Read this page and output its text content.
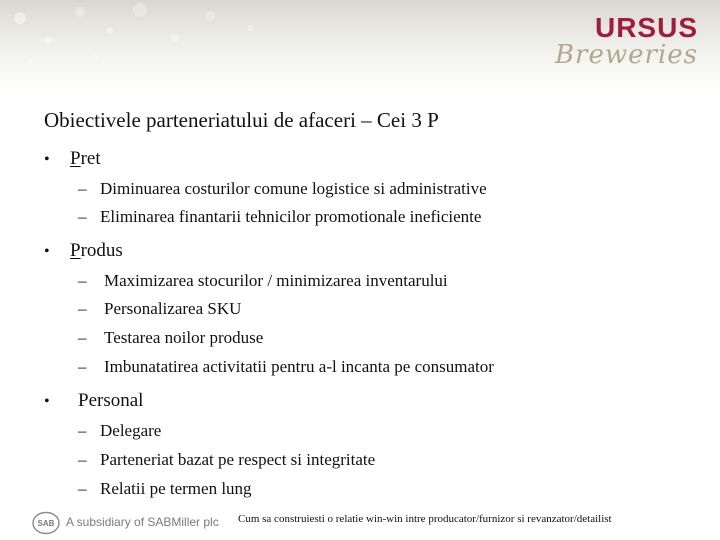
URSUS
Breweries
Obiectivele parteneriatului de afaceri – Cei 3 P
•	Pret
– Diminuarea costurilor comune logistice si administrative
– Eliminarea finantarii tehnicilor promotionale ineficiente
•	Produs
–	Maximizarea stocurilor / minimizarea inventarului
–	Personalizarea SKU
–	Testarea noilor produse
–	Imbunatatirea activitatii pentru a-l incanta pe consumator
•	Personal
– Delegare
– Parteneriat bazat pe respect si integritate
– Relatii pe termen lung
SAB A subsidiary of SABMiller plc Cum sa construiesti o relatie win-win intre producator/furnizor si revanzator/detailist
